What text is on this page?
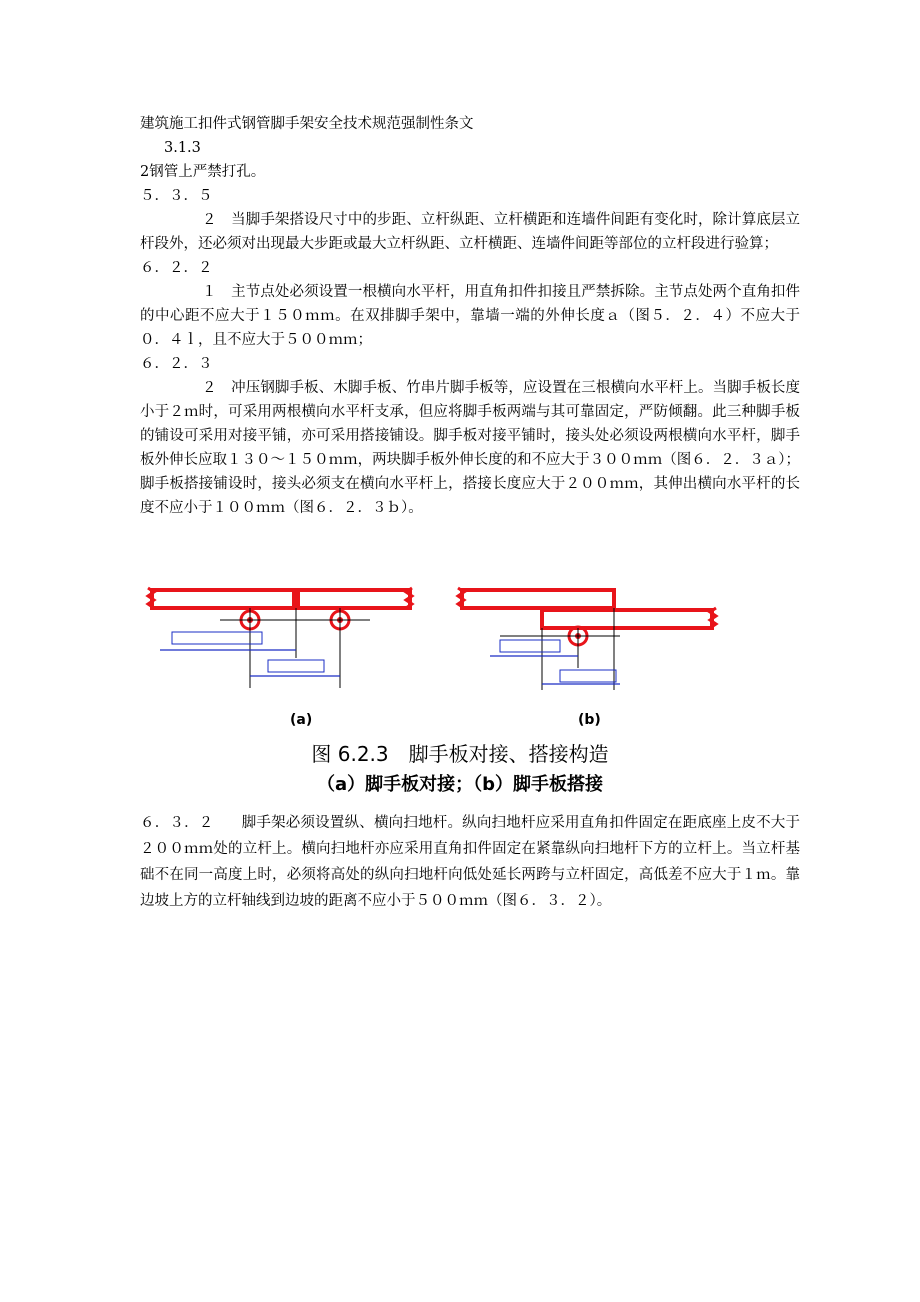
建筑施工扣件式钢管脚手架安全技术规范强制性条文
3.1.3
2钢管上严禁打孔。
５．３．５
２　当脚手架搭设尺寸中的步距、立杆纵距、立杆横距和连墙件间距有变化时，除计算底层立杆段外，还必须对出现最大步距或最大立杆纵距、立杆横距、连墙件间距等部位的立杆段进行验算；
６．２．２
１　主节点处必须设置一根横向水平杆，用直角扣件扣接且严禁拆除。主节点处两个直角扣件的中心距不应大于１５０ｍｍ。在双排脚手架中，靠墙一端的外伸长度ａ（图５．２．４）不应大于０．４ｌ，且不应大于５００ｍｍ；
６．２．３
２　冲压钢脚手板、木脚手板、竹串片脚手板等，应设置在三根横向水平杆上。当脚手板长度小于２ｍ时，可采用两根横向水平杆支承，但应将脚手板两端与其可靠固定，严防倾翻。此三种脚手板的铺设可采用对接平铺，亦可采用搭接铺设。脚手板对接平铺时，接头处必须设两根横向水平杆，脚手板外伸长应取１３０～１５０ｍｍ，两块脚手板外伸长度的和不应大于３００ｍｍ（图６．２．３ａ）；脚手板搭接铺设时，接头必须支在横向水平杆上，搭接长度应大于２００ｍｍ，其伸出横向水平杆的长度不应小于１００ｍｍ（图６．２．３ｂ）。
(a)	(b)
图 6.2.3　脚手板对接、搭接构造
（a）脚手板对接；（b）脚手板搭接
６．３．２ 脚手架必须设置纵、横向扫地杆。纵向扫地杆应采用直角扣件固定在距底座上皮不大于２００ｍｍ处的立杆上。横向扫地杆亦应采用直角扣件固定在紧靠纵向扫地杆下方的立杆上。当立杆基础不在同一高度上时，必须将高处的纵向扫地杆向低处延长两跨与立杆固定，高低差不应大于１ｍ。靠边坡上方的立杆轴线到边坡的距离不应小于５００ｍｍ（图６．３．２）。
